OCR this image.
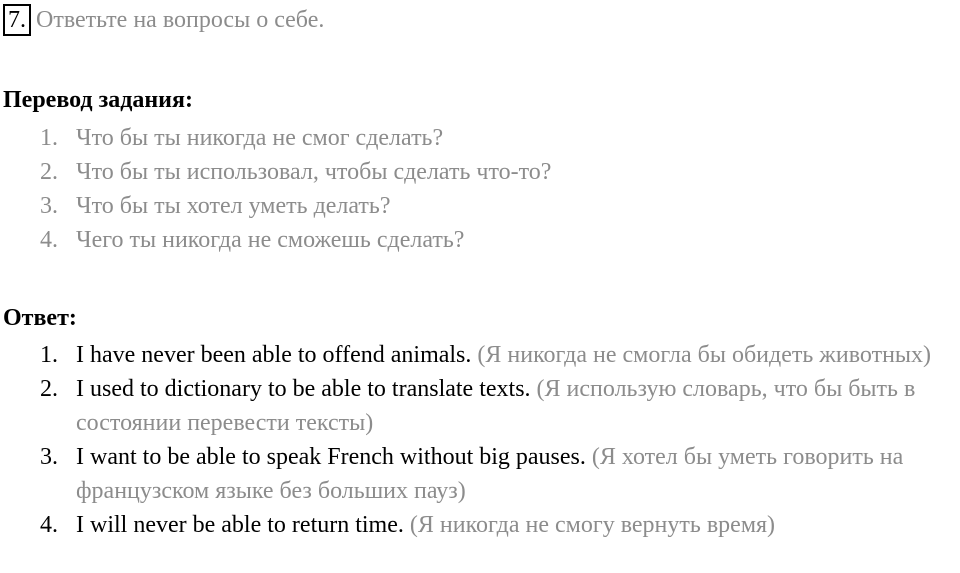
7. Ответьте на вопросы о себе.
Перевод задания:
1. Что бы ты никогда не смог сделать?
2. Что бы ты использовал, чтобы сделать что-то?
3. Что бы ты хотел уметь делать?
4. Чего ты никогда не сможешь сделать?
Ответ:
1. I have never been able to offend animals. (Я никогда не смогла бы обидеть животных)
2. I used to dictionary to be able to translate texts. (Я использую словарь, что бы быть в состоянии перевести тексты)
3. I want to be able to speak French without big pauses. (Я хотел бы уметь говорить на французском языке без больших пауз)
4. I will never be able to return time. (Я никогда не смогу вернуть время)
